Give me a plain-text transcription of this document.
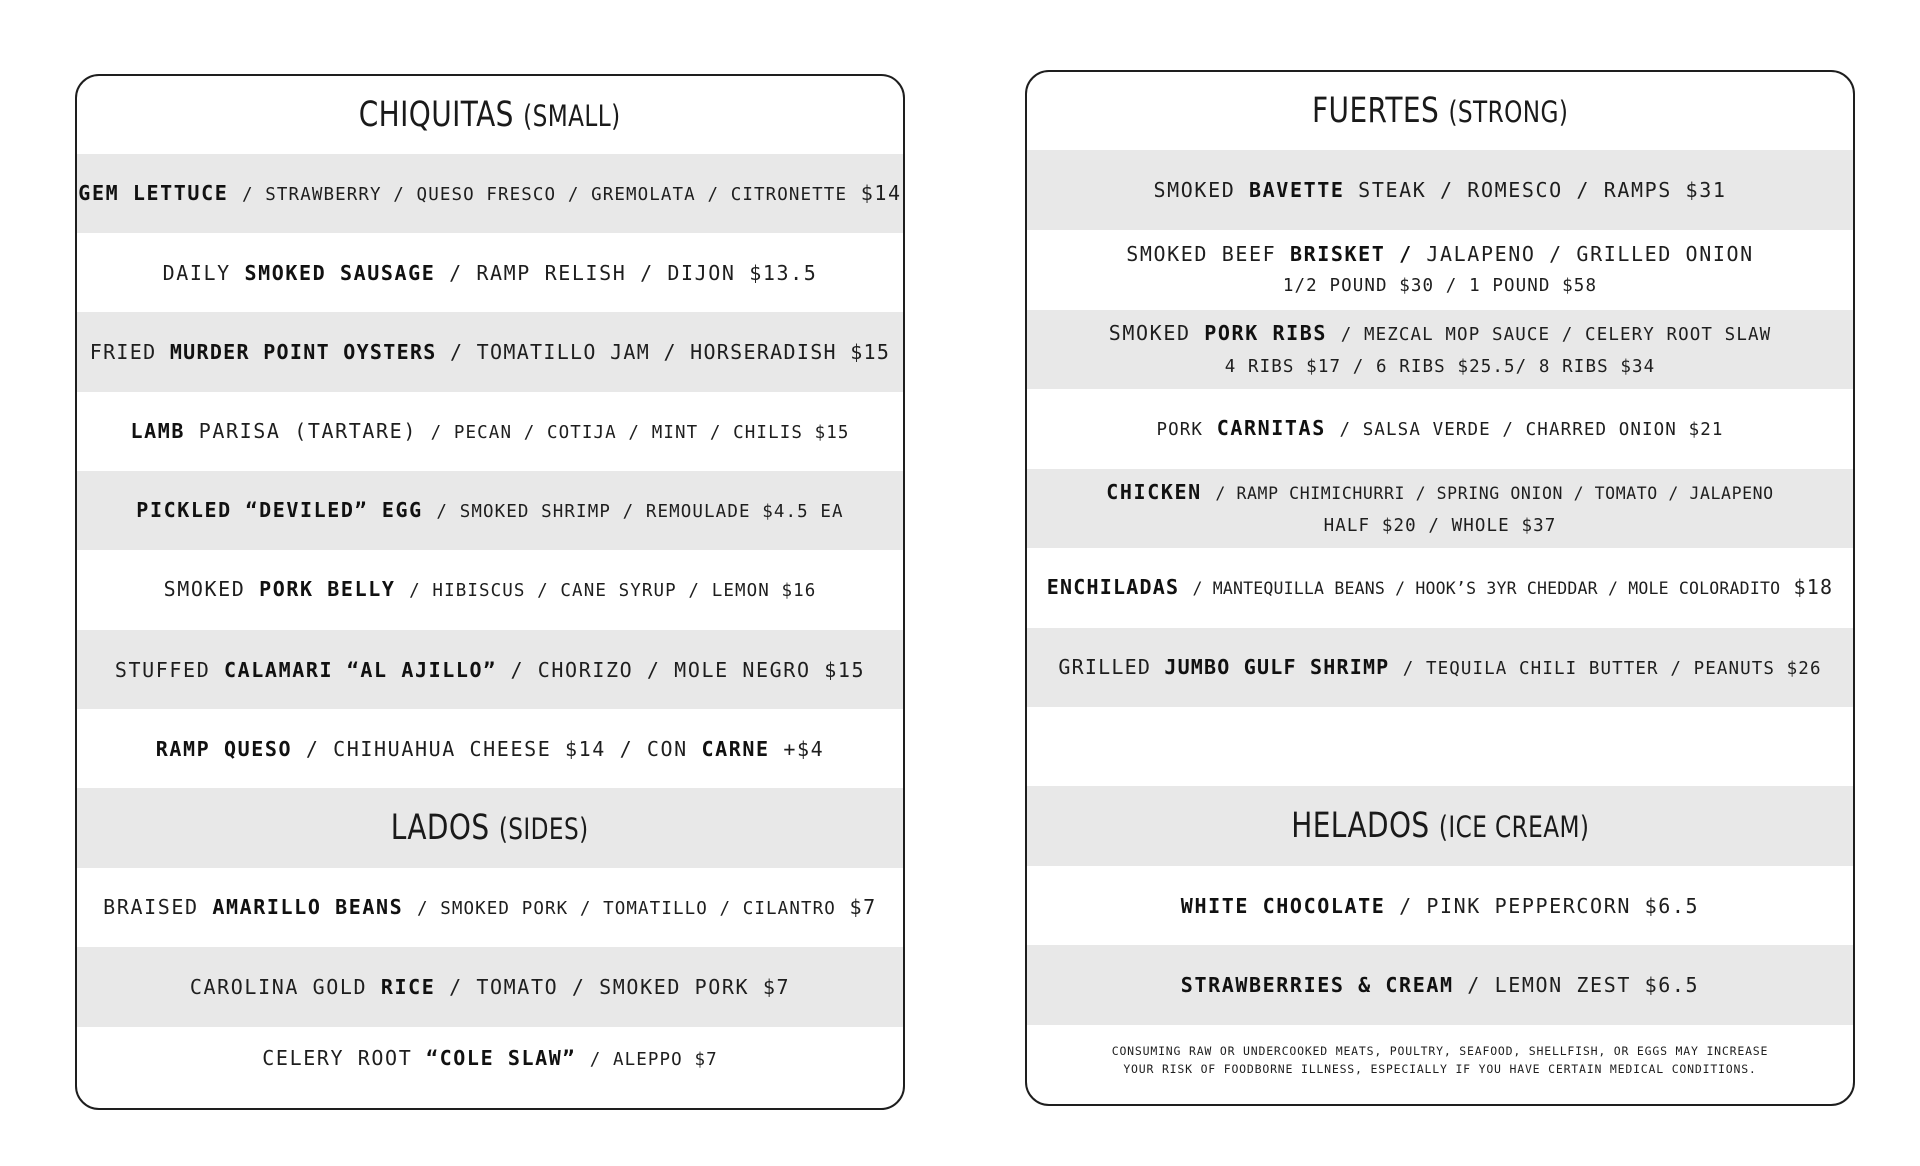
CHIQUITAS (SMALL)
GEM LETTUCE / STRAWBERRY / QUESO FRESCO / GREMOLATA / CITRONETTE $14
DAILY SMOKED SAUSAGE / RAMP RELISH / DIJON $13.5
FRIED MURDER POINT OYSTERS / TOMATILLO JAM / HORSERADISH $15
LAMB PARISA (TARTARE) / PECAN / COTIJA / MINT / CHILIS $15
PICKLED “DEVILED” EGG / SMOKED SHRIMP / REMOULADE $4.5 EA
SMOKED PORK BELLY / HIBISCUS / CANE SYRUP / LEMON $16
STUFFED CALAMARI “AL AJILLO” / CHORIZO / MOLE NEGRO $15
RAMP QUESO / CHIHUAHUA CHEESE $14 / CON CARNE +$4
LADOS (SIDES)
BRAISED AMARILLO BEANS / SMOKED PORK / TOMATILLO / CILANTRO $7
CAROLINA GOLD RICE / TOMATO / SMOKED PORK $7
CELERY ROOT “COLE SLAW” / ALEPPO $7
FUERTES (STRONG)
SMOKED BAVETTE STEAK / ROMESCO / RAMPS $31
SMOKED BEEF BRISKET / JALAPENO / GRILLED ONION
1/2 POUND $30 / 1 POUND $58
SMOKED PORK RIBS / MEZCAL MOP SAUCE / CELERY ROOT SLAW
4 RIBS $17 / 6 RIBS $25.5/ 8 RIBS $34
PORK CARNITAS / SALSA VERDE / CHARRED ONION $21
CHICKEN / RAMP CHIMICHURRI / SPRING ONION / TOMATO / JALAPENO
HALF $20 / WHOLE $37
ENCHILADAS / MANTEQUILLA BEANS / HOOK’S 3YR CHEDDAR / MOLE COLORADITO $18
GRILLED JUMBO GULF SHRIMP / TEQUILA CHILI BUTTER / PEANUTS $26
HELADOS (ICE CREAM)
WHITE CHOCOLATE / PINK PEPPERCORN $6.5
STRAWBERRIES & CREAM / LEMON ZEST $6.5
CONSUMING RAW OR UNDERCOOKED MEATS, POULTRY, SEAFOOD, SHELLFISH, OR EGGS MAY INCREASE
YOUR RISK OF FOODBORNE ILLNESS, ESPECIALLY IF YOU HAVE CERTAIN MEDICAL CONDITIONS.
